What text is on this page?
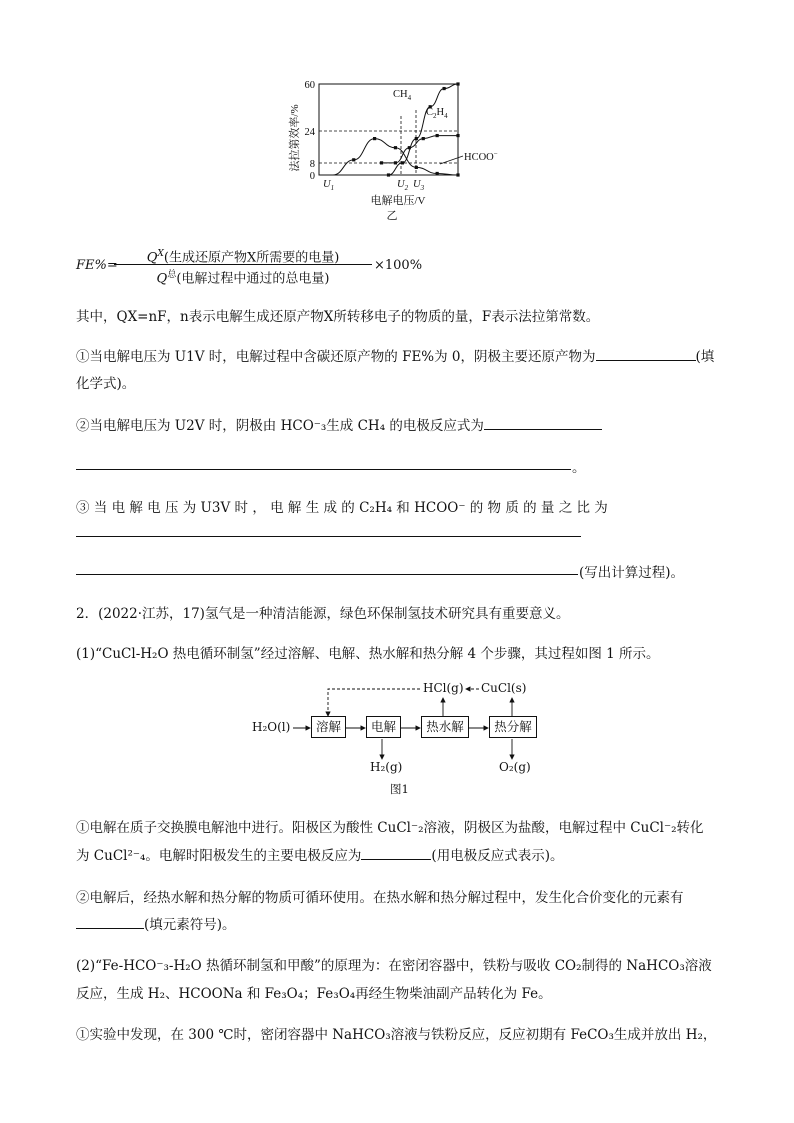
法拉第效率/%
60
24
8
0
$CH_4$
$C_2H_4$
HCOO−
$U_1$	$U_2$ $U_3$
电解电压/V
乙
FE%=
$Q^X$(生成还原产物X所需要的电量)
$Q^总$(电解过程中通过的总电量)
×100%
其中，QX=nF，n表示电解生成还原产物X所转移电子的物质的量，F表示法拉第常数。
①当电解电压为 U1V 时，电解过程中含碳还原产物的 FE%为 0，阴极主要还原产物为	(填
化学式)。
②当电解电压为 U2V 时，阴极由 HCO⁻₃生成 CH₄ 的电极反应式为
。
③ 当 电 解 电 压 为 U3V 时 ， 电 解 生 成 的 C₂H₄ 和 HCOO⁻ 的 物 质 的 量 之 比 为
(写出计算过程)。
2．(2022·江苏，17)氢气是一种清洁能源，绿色环保制氢技术研究具有重要意义。
(1)“CuCl-H₂O 热电循环制氢”经过溶解、电解、热水解和热分解 4 个步骤，其过程如图 1 所示。
H₂O(l)	溶解	电解	热水解	热分解
HCl(g) CuCl(s)
H₂(g)	O₂(g)
图1
①电解在质子交换膜电解池中进行。阳极区为酸性 CuCl⁻₂溶液，阴极区为盐酸，电解过程中 CuCl⁻₂转化
为 CuCl²⁻₄。电解时阳极发生的主要电极反应为	(用电极反应式表示)。
②电解后，经热水解和热分解的物质可循环使用。在热水解和热分解过程中，发生化合价变化的元素有
(填元素符号)。
(2)“Fe-HCO⁻₃-H₂O 热循环制氢和甲酸”的原理为：在密闭容器中，铁粉与吸收 CO₂制得的 NaHCO₃溶液
反应，生成 H₂、HCOONa 和 Fe₃O₄；Fe₃O₄再经生物柴油副产品转化为 Fe。
①实验中发现，在 300 ℃时，密闭容器中 NaHCO₃溶液与铁粉反应，反应初期有 FeCO₃生成并放出 H₂，
